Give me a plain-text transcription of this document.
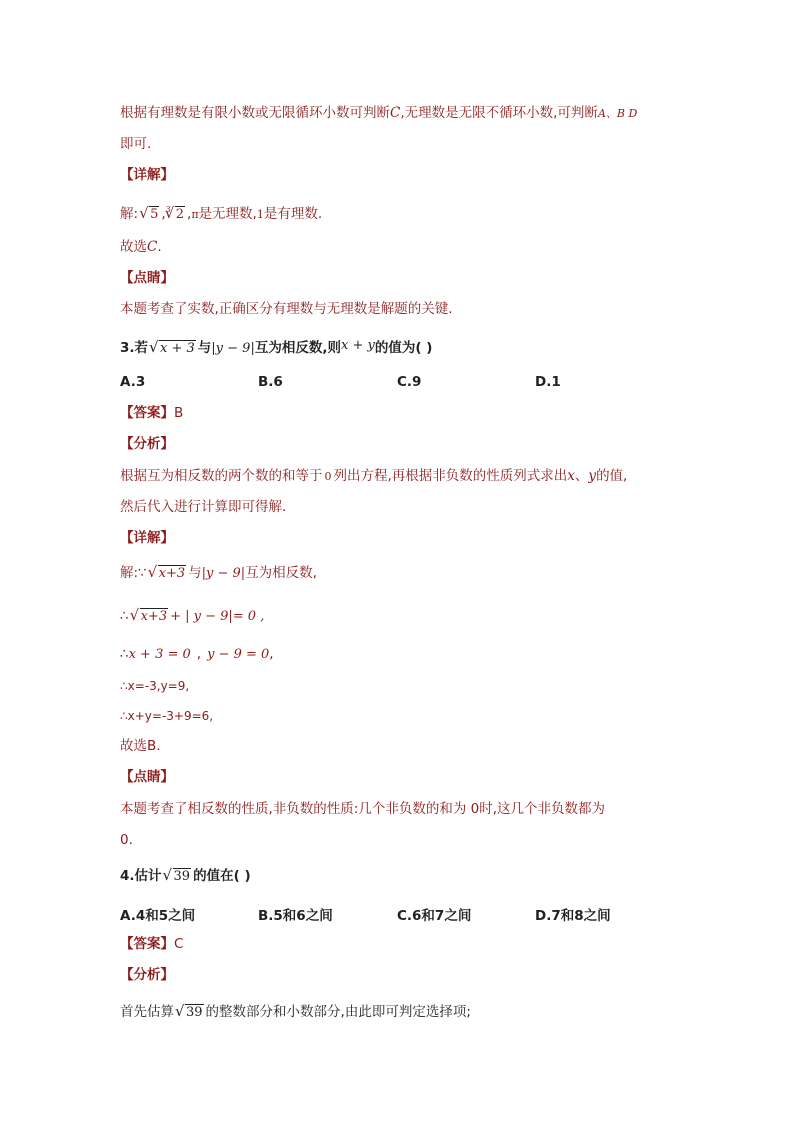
根据有理数是有限小数或无限循环小数可判断C,无理数是无限不循环小数,可判断A、B D
即可.
【详解】
解: √ 5 ,$^3$ √ 2 ,π是无理数,1是有理数.
故选C.
【点睛】
本题考查了实数,正确区分有理数与无理数是解题的关键.
3.若 √ x + 3 与|y − 9|互为相反数,则x + y的值为( )
A.3	B.6	C.9	D.1
【答案】B
【分析】
根据互为相反数的两个数的和等于 0 列出方程,再根据非负数的性质列式求出x、y的值,
然后代入进行计算即可得解.
【详解】
解:∵ √ x+3 与|y − 9|互为相反数,
∴ √ x+3 + | y − 9|= 0 ,
∴x + 3 = 0 , y − 9 = 0,
∴x=-3,y=9,
∴x+y=-3+9=6,
故选B.
【点睛】
本题考查了相反数的性质,非负数的性质:几个非负数的和为 0时,这几个非负数都为
0.
4.估计 √ 39 的值在( )
A.4和5之间	B.5和6之间	C.6和7之间	D.7和8之间
【答案】C
【分析】
首先估算 √ 39 的整数部分和小数部分,由此即可判定选择项;
